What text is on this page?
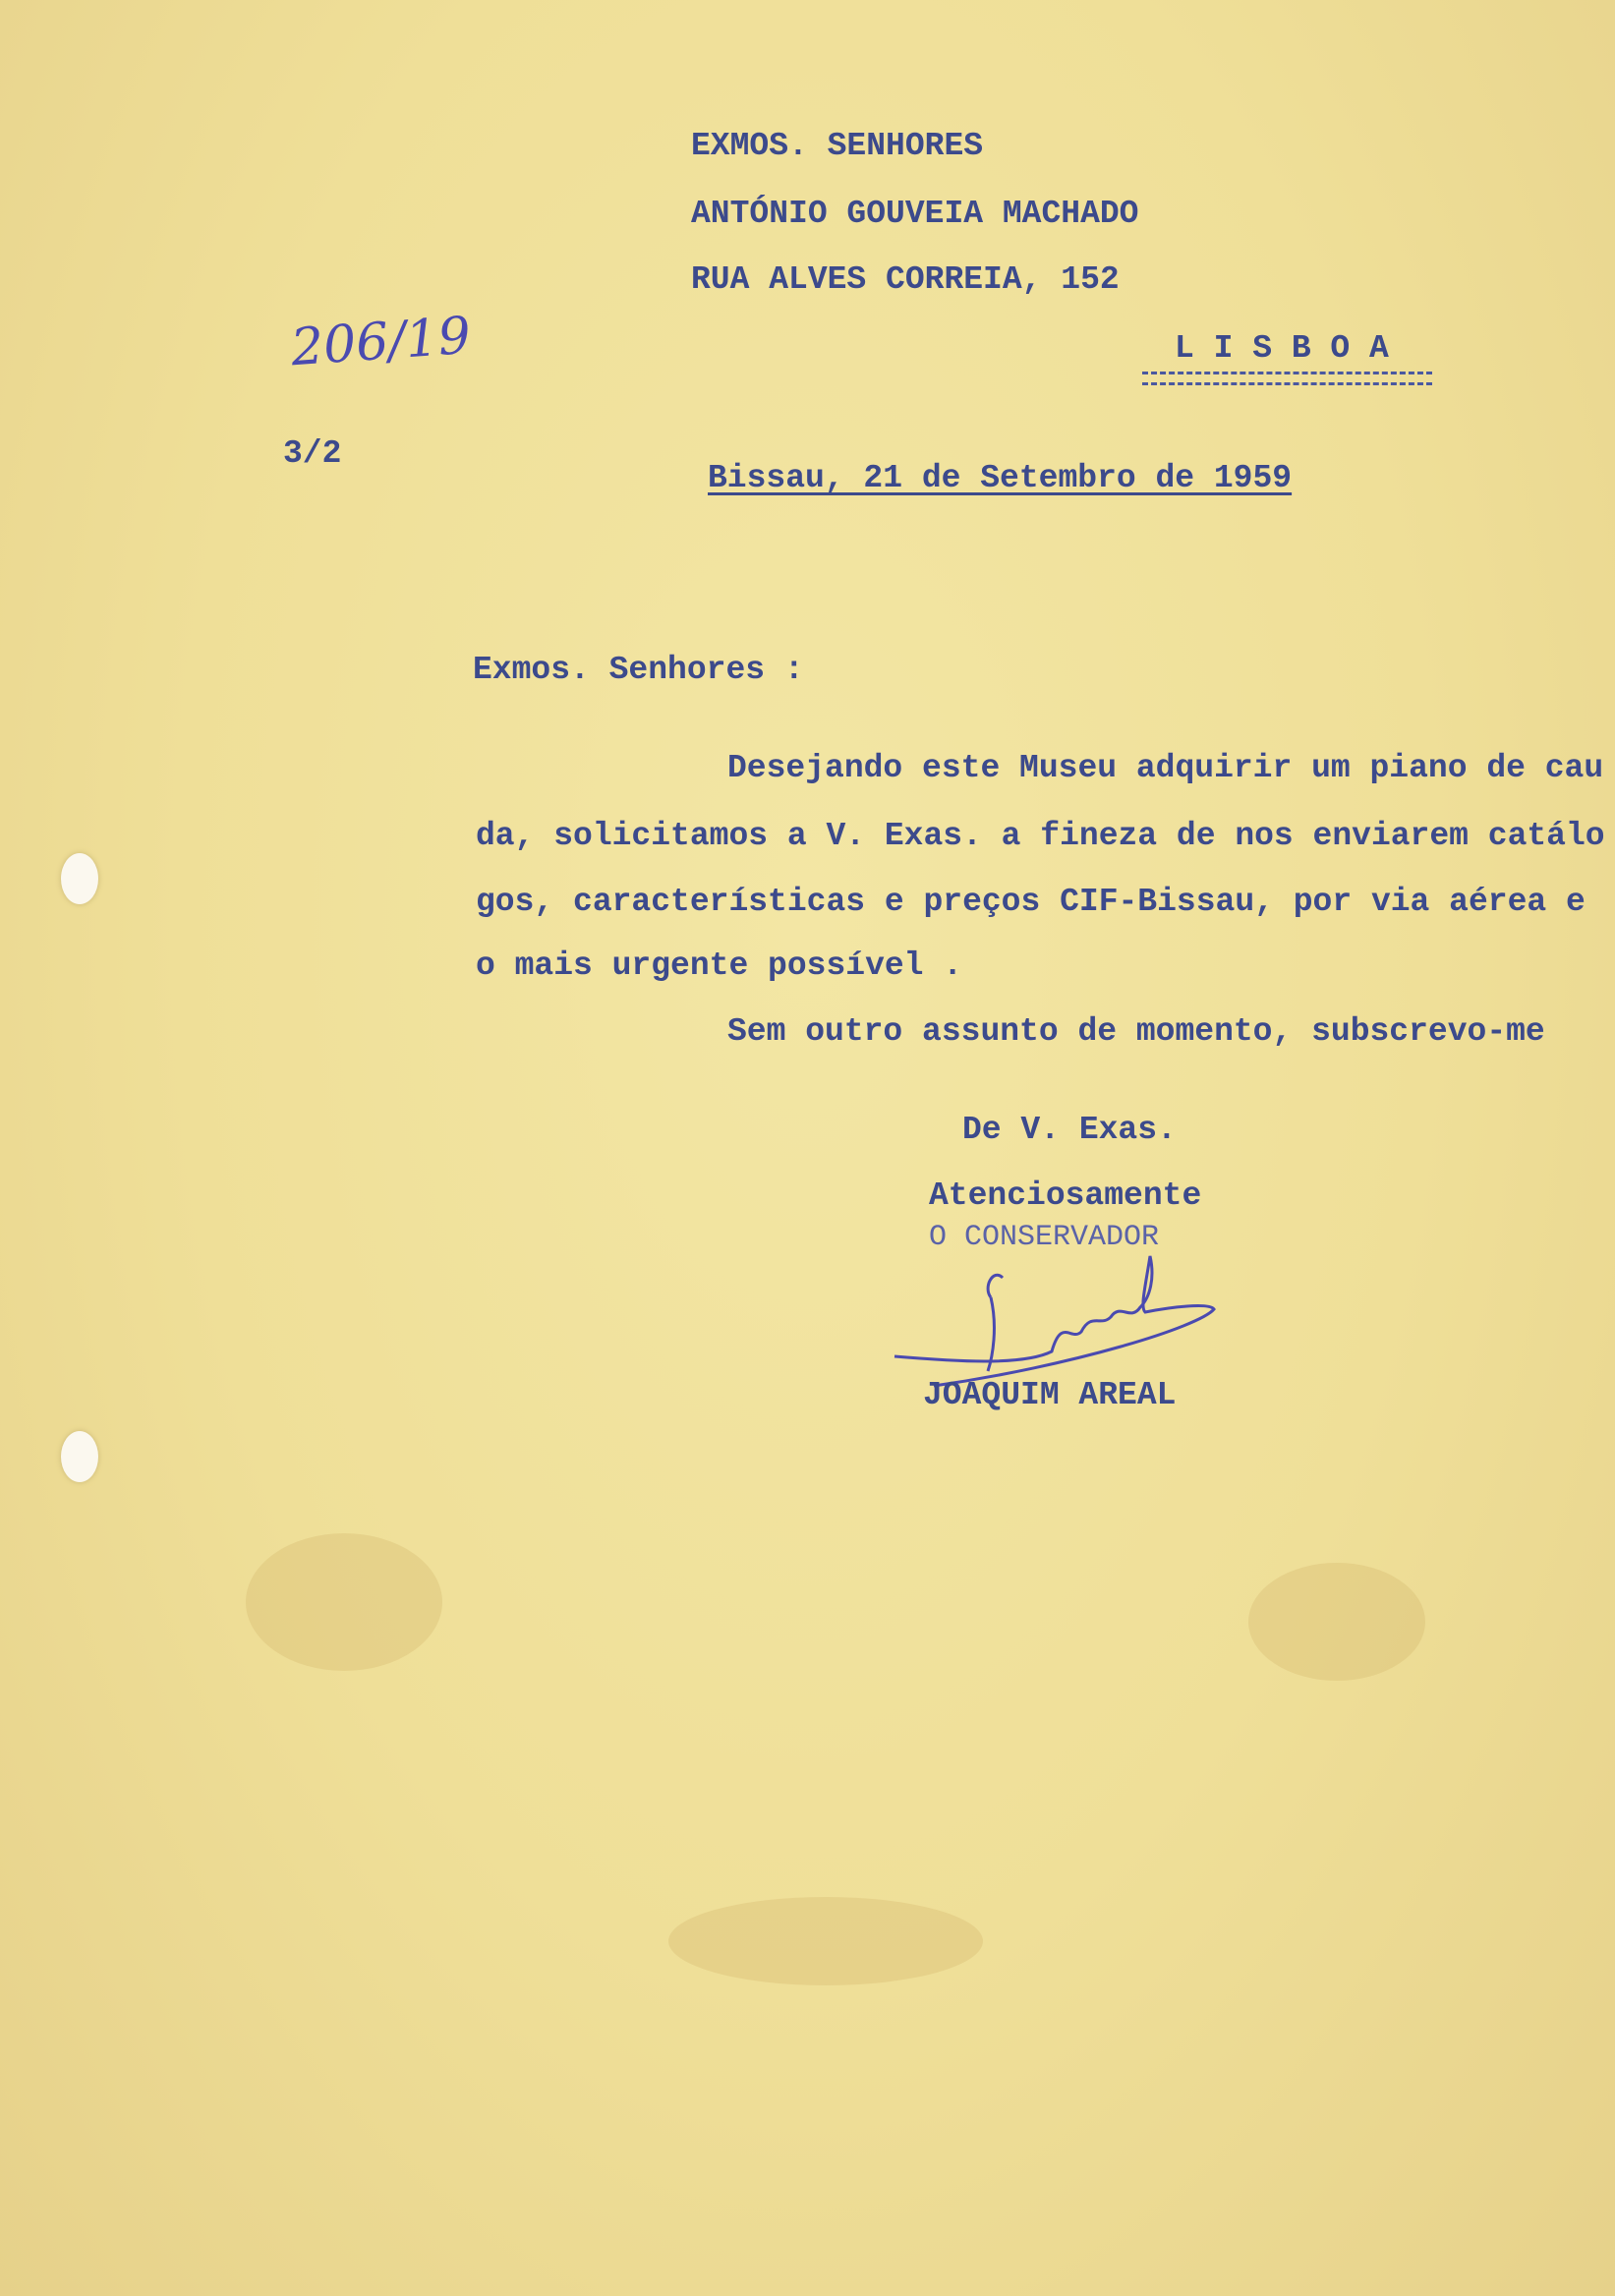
EXMOS. SENHORES
ANTÓNIO GOUVEIA MACHADO
RUA ALVES CORREIA, 152
L I S B O A
206/19
3/2
Bissau, 21 de Setembro de 1959
Exmos. Senhores :
Desejando este Museu adquirir um piano de cau
da, solicitamos a V. Exas. a fineza de nos enviarem catálo
gos, características e preços CIF-Bissau, por via aérea e
o mais urgente possível .
Sem outro assunto de momento, subscrevo-me
De V. Exas.
Atenciosamente
O CONSERVADOR
JOAQUIM AREAL
